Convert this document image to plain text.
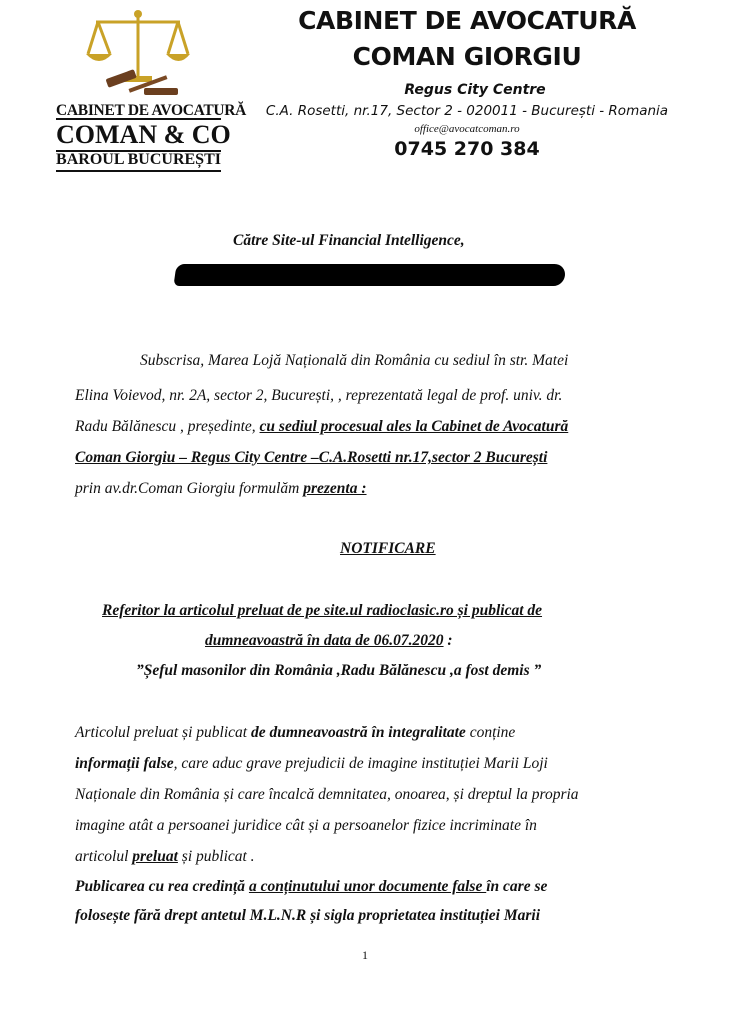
CABINET DE AVOCATURĂ
COMAN & CO
BAROUL BUCUREȘTI
CABINET DE AVOCATURĂ
COMAN GIORGIU
Regus City Centre
C.A. Rosetti, nr.17, Sector 2 - 020011 - București - Romania
office@avocatcoman.ro
0745 270 384
Către Site-ul Financial Intelligence,
Subscrisa, Marea Lojă Națională din România cu sediul în str. Matei
Elina Voievod, nr. 2A, sector 2, București, , reprezentată legal de prof. univ. dr.
Radu Bălănescu , președinte, cu sediul procesual ales la Cabinet de Avocatură
Coman Giorgiu – Regus City Centre –C.A.Rosetti nr.17,sector 2 București
prin av.dr.Coman Giorgiu formulăm prezenta :
NOTIFICARE
Referitor la articolul preluat de pe site.ul radioclasic.ro și publicat de
dumneavoastră în data de 06.07.2020 :
”Șeful masonilor din România ,Radu Bălănescu ,a fost demis ”
Articolul preluat și publicat de dumneavoastră în integralitate conține
informații false, care aduc grave prejudicii de imagine instituției Marii Loji
Naționale din România și care încalcă demnitatea, onoarea, și dreptul la propria
imagine atât a persoanei juridice cât și a persoanelor fizice incriminate în
articolul preluat și publicat .
Publicarea cu rea credință a conținutului unor documente false în care se
folosește fără drept antetul M.L.N.R și sigla proprietatea instituției Marii
1
